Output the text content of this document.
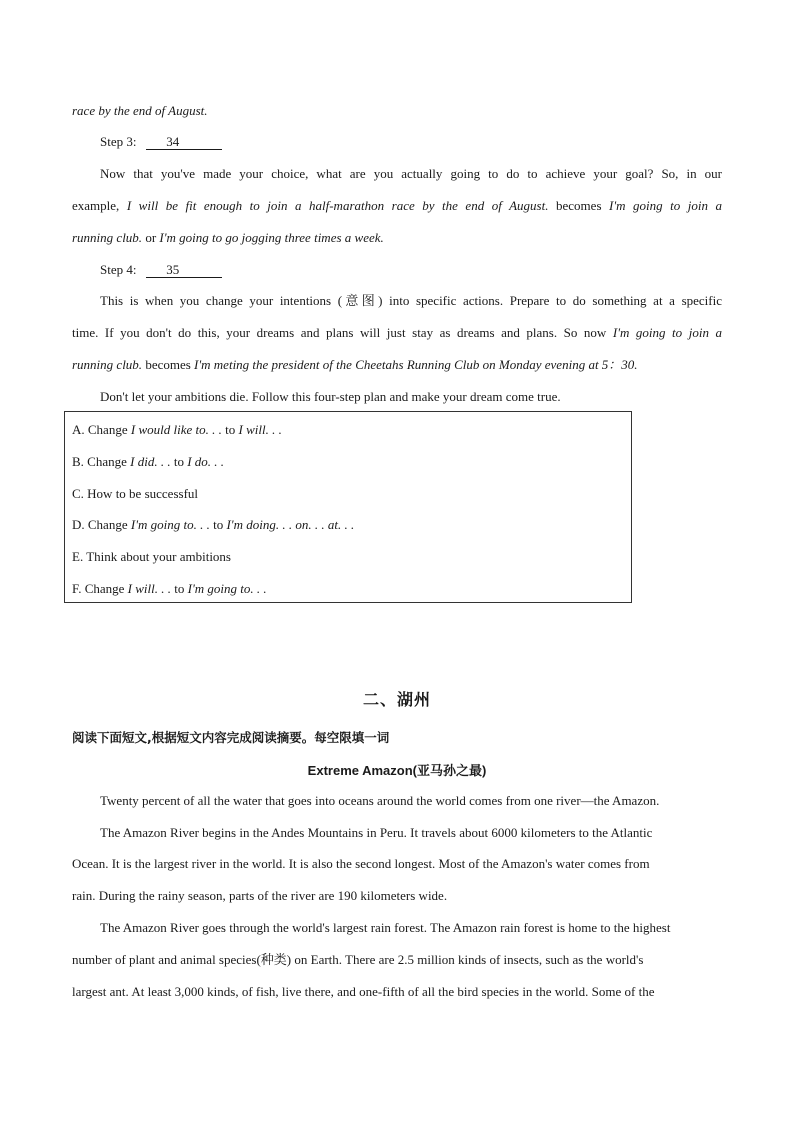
race by the end of August.
Step 3: 34
Now that you've made your choice, what are you actually going to do to achieve your goal? So, in our
example, I will be fit enough to join a half-marathon race by the end of August. becomes I'm going to join a
running club. or I'm going to go jogging three times a week.
Step 4: 35
This is when you change your intentions (意图) into specific actions. Prepare to do something at a specific
time. If you don't do this, your dreams and plans will just stay as dreams and plans. So now I'm going to join a
running club. becomes I'm meting the president of the Cheetahs Running Club on Monday evening at 5：30.
Don't let your ambitions die. Follow this four-step plan and make your dream come true.
A. Change I would like to. . . to I will. . .
B. Change I did. . . to I do. . .
C. How to be successful
D. Change I'm going to. . . to I'm doing. . . on. . . at. . .
E. Think about your ambitions
F. Change I will. . . to I'm going to. . .
二、湖州
阅读下面短文,根据短文内容完成阅读摘要。每空限填一词
Extreme Amazon(亚马孙之最)
Twenty percent of all the water that goes into oceans around the world comes from one river—the Amazon.
The Amazon River begins in the Andes Mountains in Peru. It travels about 6000 kilometers to the Atlantic
Ocean. It is the largest river in the world. It is also the second longest. Most of the Amazon's water comes from
rain. During the rainy season, parts of the river are 190 kilometers wide.
The Amazon River goes through the world's largest rain forest. The Amazon rain forest is home to the highest
number of plant and animal species(种类) on Earth. There are 2.5 million kinds of insects, such as the world's
largest ant. At least 3,000 kinds, of fish, live there, and one-fifth of all the bird species in the world. Some of the
